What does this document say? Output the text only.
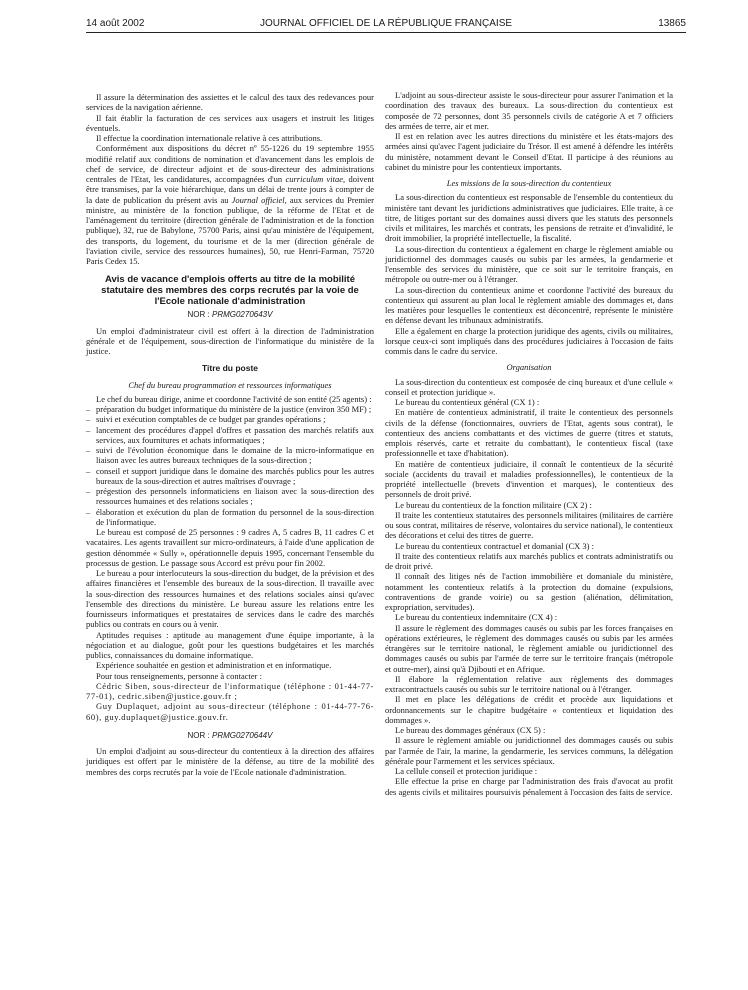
14 août 2002	JOURNAL OFFICIEL DE LA RÉPUBLIQUE FRANÇAISE	13865

Il assure la détermination des assiettes et le calcul des taux des redevances pour services de la navigation aérienne.

Il fait établir la facturation de ces services aux usagers et instruit les litiges éventuels.

Il effectue la coordination internationale relative à ces attributions.

Conformément aux dispositions du décret nº 55-1226 du 19 septembre 1955 modifié relatif aux conditions de nomination et d'avancement dans les emplois de chef de service, de directeur adjoint et de sous-directeur des administrations centrales de l'Etat, les candidatures, accompagnées d'un curriculum vitae, doivent être transmises, par la voie hiérarchique, dans un délai de trente jours à compter de la date de publication du présent avis au Journal officiel, aux services du Premier ministre, au ministère de la fonction publique, de la réforme de l'Etat et de l'aménagement du territoire (direction générale de l'administration et de la fonction publique), 32, rue de Babylone, 75700 Paris, ainsi qu'au ministère de l'équipement, des transports, du logement, du tourisme et de la mer (direction générale de l'aviation civile, service des ressources humaines), 50, rue Henri-Farman, 75720 Paris Cedex 15.

Avis de vacance d'emplois offerts au titre de la mobilité statutaire des membres des corps recrutés par la voie de l'Ecole nationale d'administration

NOR : PRMG0270643V

Un emploi d'administrateur civil est offert à la direction de l'administration générale et de l'équipement, sous-direction de l'informatique du ministère de la justice.

Titre du poste

Chef du bureau programmation et ressources informatiques

Le chef du bureau dirige, anime et coordonne l'activité de son entité (25 agents) :

– préparation du budget informatique du ministère de la justice (environ 350 MF) ;
– suivi et exécution comptables de ce budget par grandes opérations ;
– lancement des procédures d'appel d'offres et passation des marchés relatifs aux services, aux fournitures et achats informatiques ;
– suivi de l'évolution économique dans le domaine de la micro-informatique en liaison avec les autres bureaux techniques de la sous-direction ;
– conseil et support juridique dans le domaine des marchés publics pour les autres bureaux de la sous-direction et autres maîtrises d'ouvrage ;
– prégestion des personnels informaticiens en liaison avec la sous-direction des ressources humaines et des relations sociales ;
– élaboration et exécution du plan de formation du personnel de la sous-direction de l'informatique.

Le bureau est composé de 25 personnes : 9 cadres A, 5 cadres B, 11 cadres C et vacataires. Les agents travaillent sur micro-ordinateurs, à l'aide d'une application de gestion dénommée « Sully », opérationnelle depuis 1995, concernant l'ensemble du processus de gestion. Le passage sous Accord est prévu pour fin 2002.

Le bureau a pour interlocuteurs la sous-direction du budget, de la prévision et des affaires financières et l'ensemble des bureaux de la sous-direction. Il travaille avec la sous-direction des ressources humaines et des relations sociales ainsi qu'avec l'ensemble des directions du ministère. Le bureau assure les relations entre les fournisseurs informatiques et prestataires de services dans le cadre des marchés publics ou contrats en cours ou à venir.

Aptitudes requises : aptitude au management d'une équipe importante, à la négociation et au dialogue, goût pour les questions budgétaires et les marchés publics, connaissances du domaine informatique.

Expérience souhaitée en gestion et administration et en informatique.

Pour tous renseignements, personne à contacter :

Cédric Siben, sous-directeur de l'informatique (téléphone : 01-44-77-77-01), cedric.siben@justice.gouv.fr ;

Guy Duplaquet, adjoint au sous-directeur (téléphone : 01-44-77-76-60), guy.duplaquet@justice.gouv.fr.

NOR : PRMG0270644V

Un emploi d'adjoint au sous-directeur du contentieux à la direction des affaires juridiques est offert par le ministère de la défense, au titre de la mobilité des membres des corps recrutés par la voie de l'Ecole nationale d'administration.

L'adjoint au sous-directeur assiste le sous-directeur pour assurer l'animation et la coordination des travaux des bureaux. La sous-direction du contentieux est composée de 72 personnes, dont 35 personnels civils de catégorie A et 7 officiers des armées de terre, air et mer.

Il est en relation avec les autres directions du ministère et les états-majors des armées ainsi qu'avec l'agent judiciaire du Trésor. Il est amené à défendre les intérêts du ministère, notamment devant le Conseil d'Etat. Il participe à des réunions au cabinet du ministre pour les contentieux importants.

Les missions de la sous-direction du contentieux

La sous-direction du contentieux est responsable de l'ensemble du contentieux du ministère tant devant les juridictions administratives que judiciaires. Elle traite, à ce titre, de litiges portant sur des domaines aussi divers que les statuts des personnels civils et militaires, les marchés et contrats, les pensions de retraite et d'invalidité, le droit immobilier, la propriété intellectuelle, la fiscalité.

La sous-direction du contentieux a également en charge le règlement amiable ou juridictionnel des dommages causés ou subis par les armées, la gendarmerie et l'ensemble des services du ministère, que ce soit sur le territoire français, en métropole ou outre-mer ou à l'étranger.

La sous-direction du contentieux anime et coordonne l'activité des bureaux du contentieux qui assurent au plan local le règlement amiable des dommages et, dans les matières pour lesquelles le contentieux est déconcentré, représente le ministère en défense devant les tribunaux administratifs.

Elle a également en charge la protection juridique des agents, civils ou militaires, lorsque ceux-ci sont impliqués dans des procédures judiciaires à l'occasion de faits commis dans le cadre du service.

Organisation

La sous-direction du contentieux est composée de cinq bureaux et d'une cellule « conseil et protection juridique ».

Le bureau du contentieux général (CX 1) :

En matière de contentieux administratif, il traite le contentieux des personnels civils de la défense (fonctionnaires, ouvriers de l'Etat, agents sous contrat), le contentieux des anciens combattants et des victimes de guerre (titres et statuts, emplois réservés, carte et retraite du combattant), le contentieux fiscal (taxe professionnelle et taxe d'habitation).

En matière de contentieux judiciaire, il connaît le contentieux de la sécurité sociale (accidents du travail et maladies professionnelles), le contentieux de la propriété intellectuelle (brevets d'invention et marques), le contentieux des personnels de droit privé.

Le bureau du contentieux de la fonction militaire (CX 2) :

Il traite les contentieux statutaires des personnels militaires (militaires de carrière ou sous contrat, militaires de réserve, volontaires du service national), le contentieux des décorations et celui des titres de guerre.

Le bureau du contentieux contractuel et domanial (CX 3) :

Il traite des contentieux relatifs aux marchés publics et contrats administratifs ou de droit privé.

Il connaît des litiges nés de l'action immobilière et domaniale du ministère, notamment les contentieux relatifs à la protection du domaine (expulsions, contraventions de grande voirie) ou sa gestion (aliénation, délimitation, expropriation, servitudes).

Le bureau du contentieux indemnitaire (CX 4) :

Il assure le règlement des dommages causés ou subis par les forces françaises en opérations extérieures, le règlement des dommages causés ou subis par les armées étrangères sur le territoire national, le règlement amiable ou juridictionnel des dommages causés ou subis par l'armée de terre sur le territoire français (métropole et outre-mer), ainsi qu'à Djibouti et en Afrique.

Il élabore la réglementation relative aux règlements des dommages extracontractuels causés ou subis sur le territoire national ou à l'étranger.

Il met en place les délégations de crédit et procède aux liquidations et ordonnancements sur le chapitre budgétaire « contentieux et liquidation des dommages ».

Le bureau des dommages généraux (CX 5) :

Il assure le règlement amiable ou juridictionnel des dommages causés ou subis par l'armée de l'air, la marine, la gendarmerie, les services communs, la délégation générale pour l'armement et les services spéciaux.

La cellule conseil et protection juridique :

Elle effectue la prise en charge par l'administration des frais d'avocat au profit des agents civils et militaires poursuivis pénalement à l'occasion des faits de service.
